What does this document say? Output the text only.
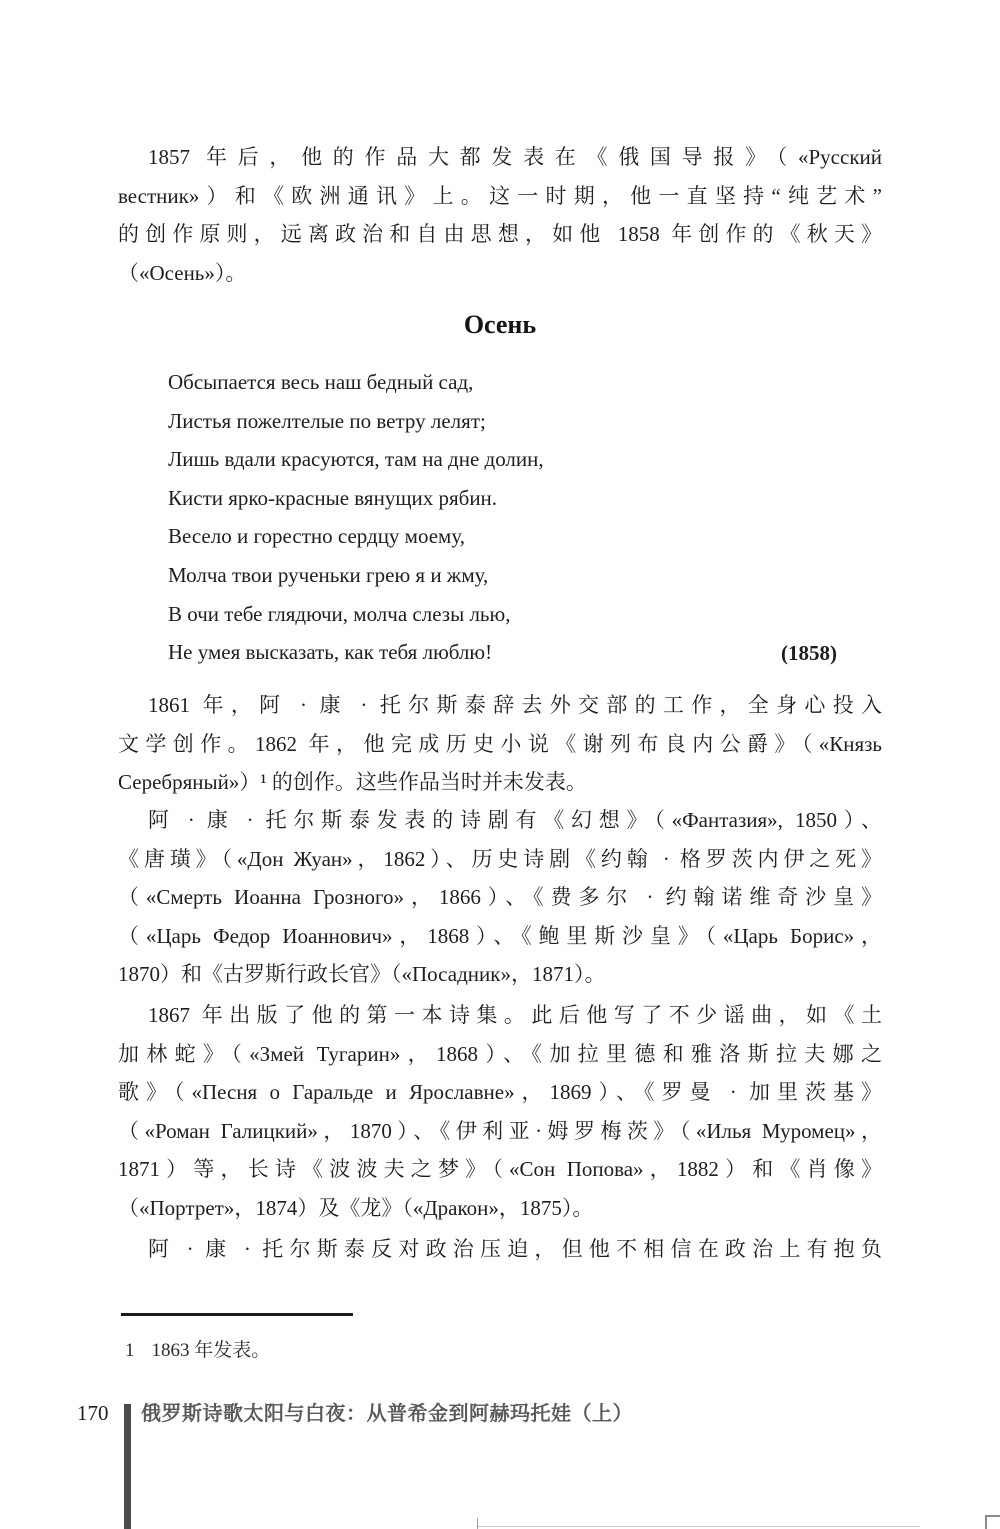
1857 年后，他的作品大都发表在《俄国导报》（«Русский
вестник»）和《欧洲通讯》上。这一时期，他一直坚持“纯艺术”
的创作原则，远离政治和自由思想，如他 1858 年创作的《秋天》
（«Осень»）。
Осень
Обсыпается весь наш бедный сад,
Листья пожелтелые по ветру лелят;
Лишь вдали красуются, там на дне долин,
Кисти ярко-красные вянущих рябин.
Весело и горестно сердцу моему,
Молча твои рученьки грею я и жму,
В очи тебе глядючи, молча слезы лью,
Не умея высказать, как тебя люблю!	(1858)
1861 年，阿 · 康 · 托尔斯泰辞去外交部的工作，全身心投入
文学创作。1862 年，他完成历史小说《谢列布良内公爵》（«Князь
Серебряный»）¹ 的创作。这些作品当时并未发表。
阿 · 康 · 托尔斯泰发表的诗剧有《幻想》（«Фантазия», 1850）、
《唐璜》（«Дон Жуан»，1862）、历史诗剧《约翰 · 格罗茨内伊之死》
（«Смерть Иоанна Грозного»，1866）、《费多尔 · 约翰诺维奇沙皇》
（«Царь Федор Иоаннович»，1868）、《鲍里斯沙皇》（«Царь Борис»，
1870）和《古罗斯行政长官》（«Посадник»，1871）。
1867 年出版了他的第一本诗集。此后他写了不少谣曲，如《土
加林蛇》（«Змей Тугарин»，1868）、《加拉里德和雅洛斯拉夫娜之
歌》（«Песня о Гаральде и Ярославне»，1869）、《罗曼 · 加里茨基》
（«Роман Галицкий»，1870）、《伊利亚·姆罗梅茨》（«Илья Муромец»，
1871）等，长诗《波波夫之梦》（«Сон Попова»，1882）和《肖像》
（«Портрет»，1874）及《龙》（«Дракон»，1875）。
阿 · 康 · 托尔斯泰反对政治压迫，但他不相信在政治上有抱负
1 1863 年发表。
170 俄罗斯诗歌太阳与白夜：从普希金到阿赫玛托娃（上）
